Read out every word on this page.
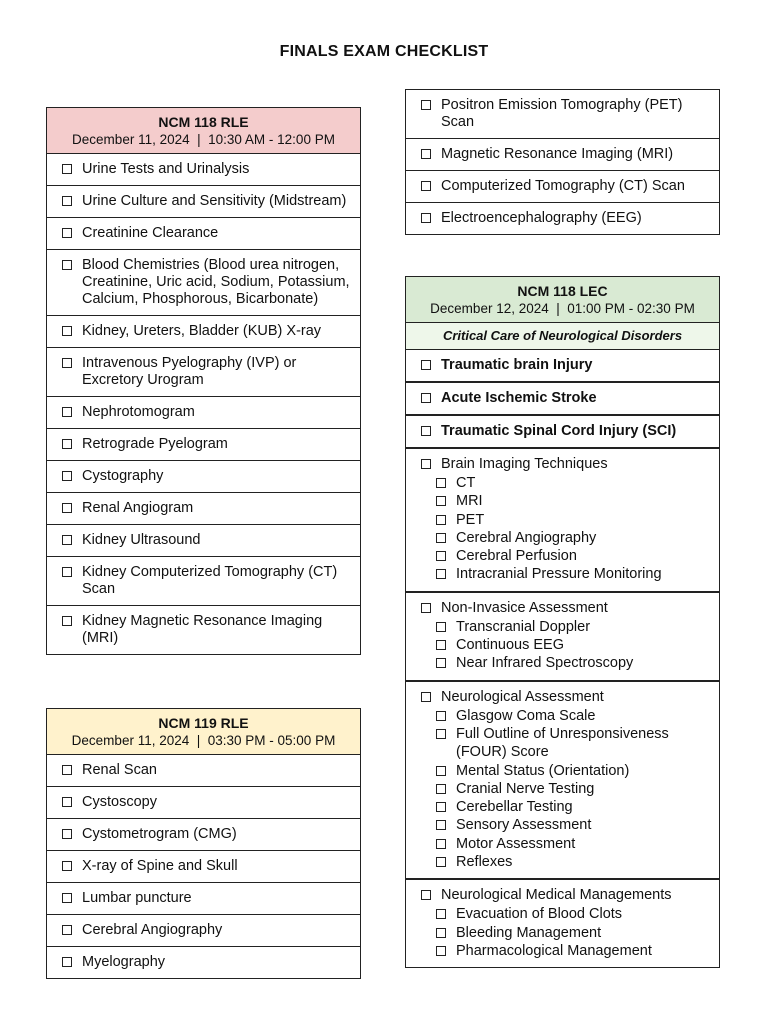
FINALS EXAM CHECKLIST
NCM 118 RLE
December 11, 2024  |  10:30 AM - 12:00 PM
Urine Tests and Urinalysis
Urine Culture and Sensitivity (Midstream)
Creatinine Clearance
Blood Chemistries (Blood urea nitrogen, Creatinine, Uric acid, Sodium, Potassium, Calcium, Phosphorous, Bicarbonate)
Kidney, Ureters, Bladder (KUB) X-ray
Intravenous Pyelography (IVP) or Excretory Urogram
Nephrotomogram
Retrograde Pyelogram
Cystography
Renal Angiogram
Kidney Ultrasound
Kidney Computerized Tomography (CT) Scan
Kidney Magnetic Resonance Imaging (MRI)
NCM 119 RLE
December 11, 2024  |  03:30 PM - 05:00 PM
Renal Scan
Cystoscopy
Cystometrogram (CMG)
X-ray of Spine and Skull
Lumbar puncture
Cerebral Angiography
Myelography
Positron Emission Tomography (PET) Scan
Magnetic Resonance Imaging (MRI)
Computerized Tomography (CT) Scan
Electroencephalography (EEG)
NCM 118 LEC
December 12, 2024  |  01:00 PM - 02:30 PM
Critical Care of Neurological Disorders
Traumatic brain Injury
Acute Ischemic Stroke
Traumatic Spinal Cord Injury (SCI)
Brain Imaging Techniques
CT
MRI
PET
Cerebral Angiography
Cerebral Perfusion
Intracranial Pressure Monitoring
Non-Invasice Assessment
Transcranial Doppler
Continuous EEG
Near Infrared Spectroscopy
Neurological Assessment
Glasgow Coma Scale
Full Outline of Unresponsiveness (FOUR) Score
Mental Status (Orientation)
Cranial Nerve Testing
Cerebellar Testing
Sensory Assessment
Motor Assessment
Reflexes
Neurological Medical Managements
Evacuation of Blood Clots
Bleeding Management
Pharmacological Management
